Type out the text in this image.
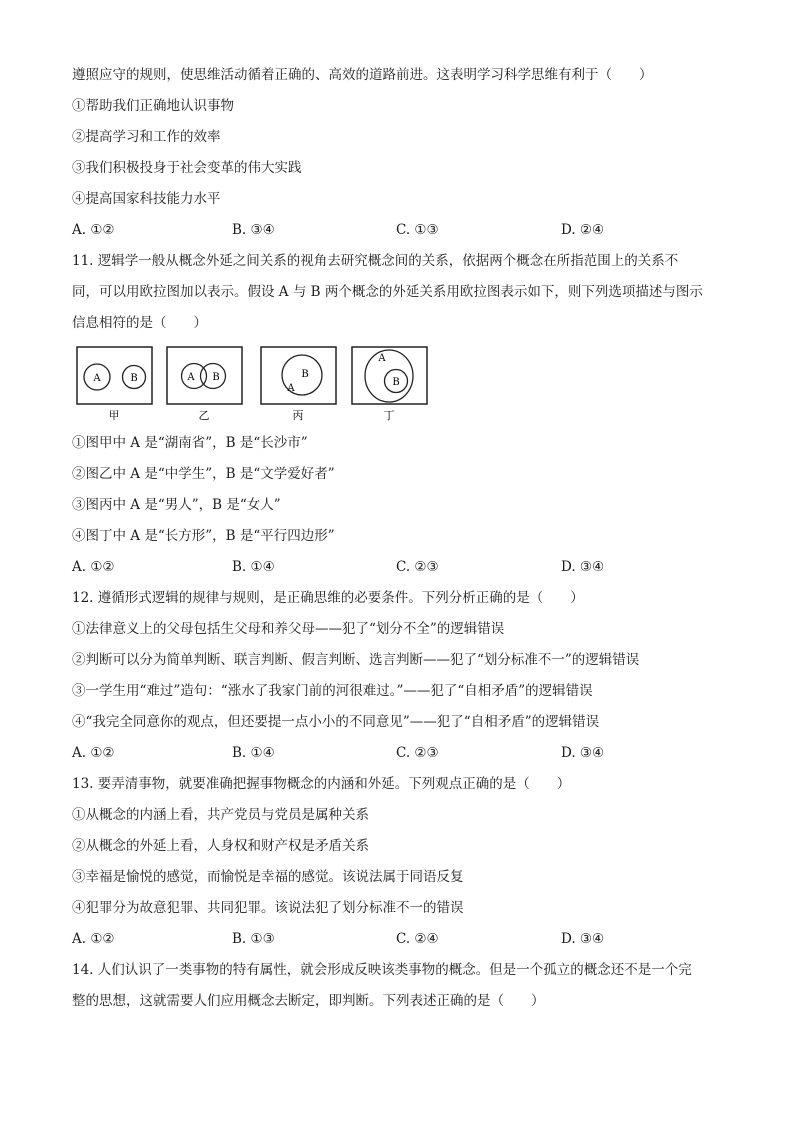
遵照应守的规则，使思维活动循着正确的、高效的道路前进。这表明学习科学思维有利于（　　）
①帮助我们正确地认识事物
②提高学习和工作的效率
③我们积极投身于社会变革的伟大实践
④提高国家科技能力水平
A. ①②	B. ③④	C. ①③	D. ②④
11. 逻辑学一般从概念外延之间关系的视角去研究概念间的关系，依据两个概念在所指范围上的关系不
同，可以用欧拉图加以表示。假设 A 与 B 两个概念的外延关系用欧拉图表示如下，则下列选项描述与图示
信息相符的是（　　）
A	B
甲
A B
乙
B
A
丙
A
B
丁
①图甲中 A 是“湖南省”，B 是“长沙市”
②图乙中 A 是“中学生”，B 是“文学爱好者”
③图丙中 A 是“男人”，B 是“女人”
④图丁中 A 是“长方形”，B 是“平行四边形”
A. ①②	B. ①④	C. ②③	D. ③④
12. 遵循形式逻辑的规律与规则，是正确思维的必要条件。下列分析正确的是（　　）
①法律意义上的父母包括生父母和养父母——犯了“划分不全”的逻辑错误
②判断可以分为简单判断、联言判断、假言判断、选言判断——犯了“划分标准不一”的逻辑错误
③一学生用“难过”造句：“涨水了我家门前的河很难过。”——犯了“自相矛盾”的逻辑错误
④“我完全同意你的观点，但还要提一点小小的不同意见”——犯了“自相矛盾”的逻辑错误
A. ①②	B. ①④	C. ②③	D. ③④
13. 要弄清事物，就要准确把握事物概念的内涵和外延。下列观点正确的是（　　）
①从概念的内涵上看，共产党员与党员是属种关系
②从概念的外延上看，人身权和财产权是矛盾关系
③幸福是愉悦的感觉，而愉悦是幸福的感觉。该说法属于同语反复
④犯罪分为故意犯罪、共同犯罪。该说法犯了划分标准不一的错误
A. ①②	B. ①③	C. ②④	D. ③④
14. 人们认识了一类事物的特有属性，就会形成反映该类事物的概念。但是一个孤立的概念还不是一个完
整的思想，这就需要人们应用概念去断定，即判断。下列表述正确的是（　　）
